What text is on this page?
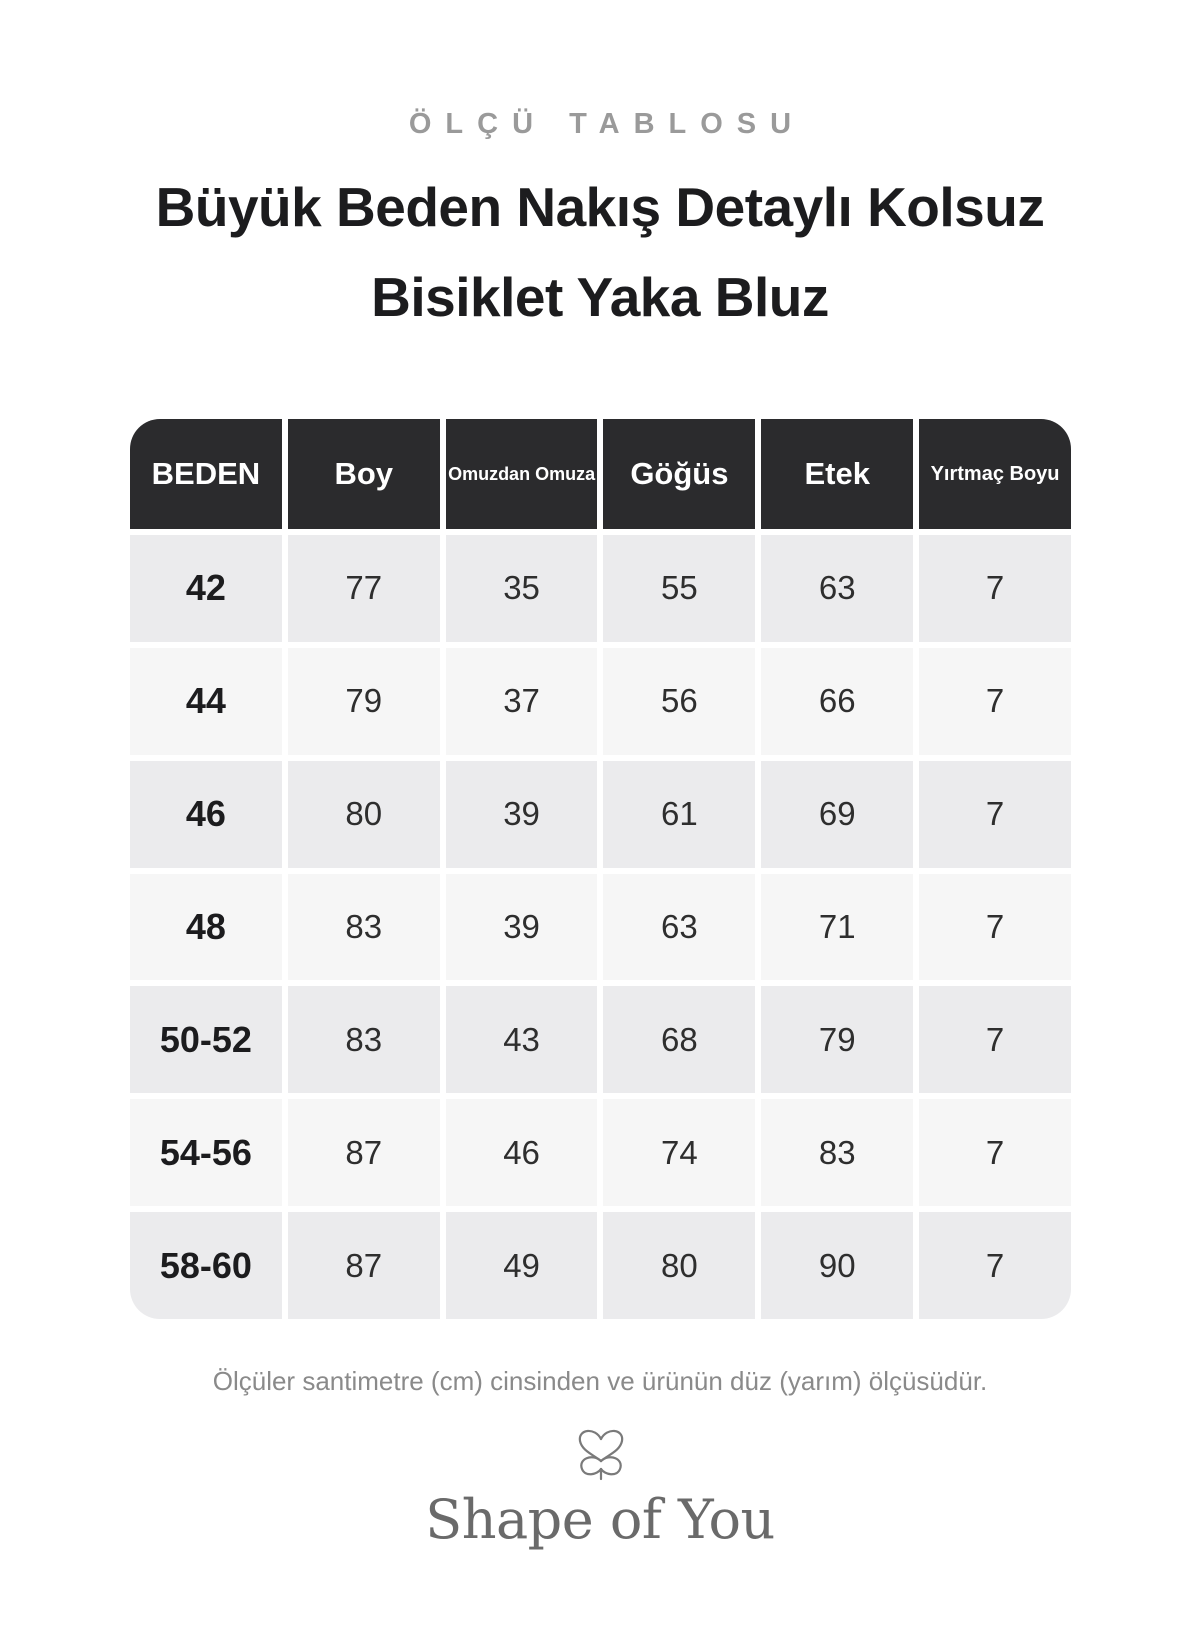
ÖLÇÜ TABLOSU
Büyük Beden Nakış Detaylı Kolsuz
Bisiklet Yaka Bluz
BEDEN	Boy	Omuzdan Omuza	Göğüs	Etek	Yırtmaç Boyu
42	77	35	55	63	7
44	79	37	56	66	7
46	80	39	61	69	7
48	83	39	63	71	7
50-52	83	43	68	79	7
54-56	87	46	74	83	7
58-60	87	49	80	90	7
Ölçüler santimetre (cm) cinsinden ve ürünün düz (yarım) ölçüsüdür.
Shape of You
